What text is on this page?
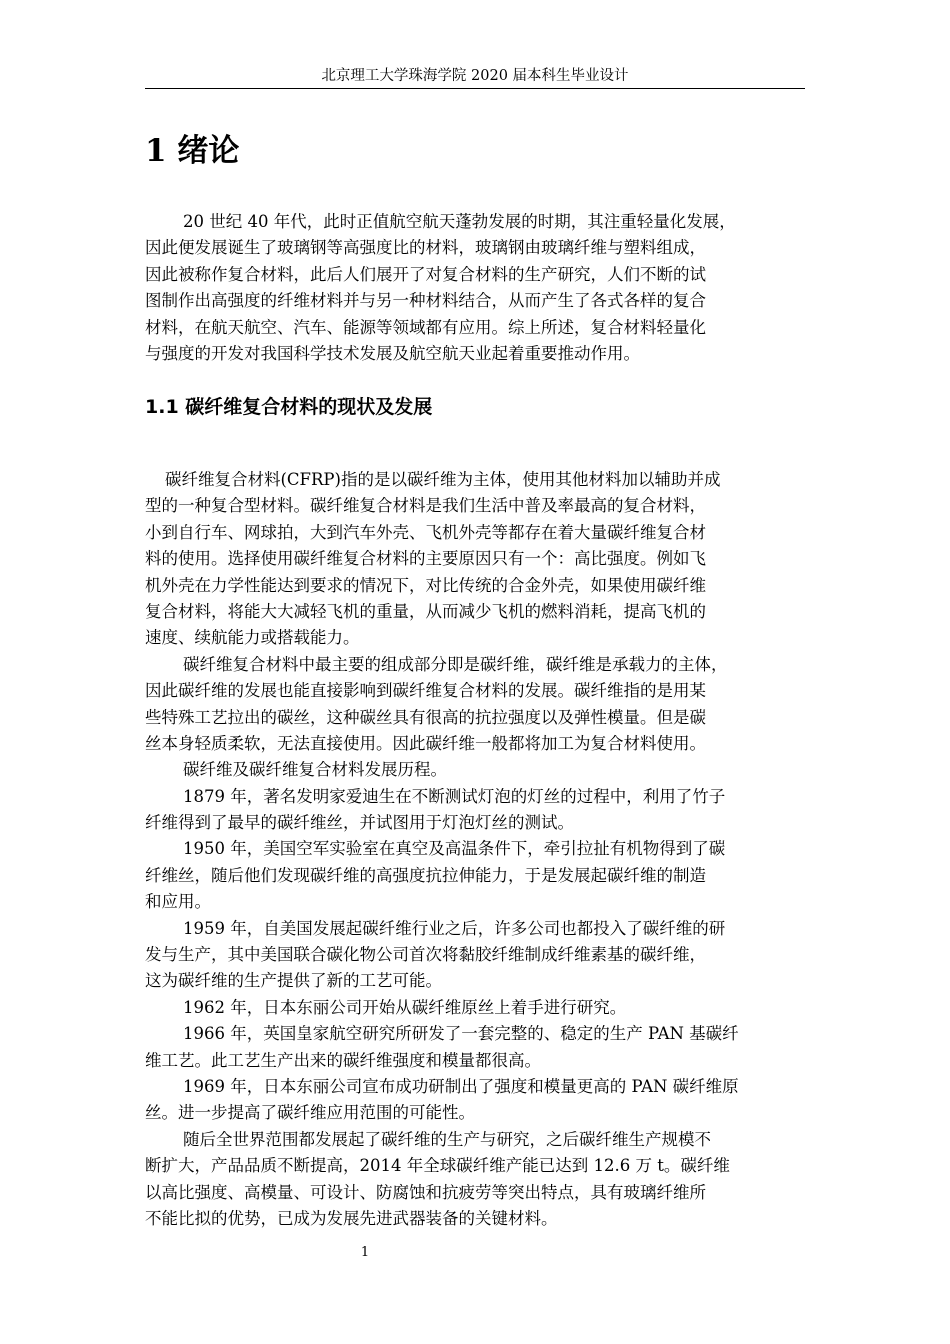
北京理工大学珠海学院 2020 届本科生毕业设计
1 绪论
20 世纪 40 年代，此时正值航空航天蓬勃发展的时期，其注重轻量化发展，
因此便发展诞生了玻璃钢等高强度比的材料，玻璃钢由玻璃纤维与塑料组成，
因此被称作复合材料，此后人们展开了对复合材料的生产研究，人们不断的试
图制作出高强度的纤维材料并与另一种材料结合，从而产生了各式各样的复合
材料，在航天航空、汽车、能源等领域都有应用。综上所述，复合材料轻量化
与强度的开发对我国科学技术发展及航空航天业起着重要推动作用。
1.1 碳纤维复合材料的现状及发展
碳纤维复合材料(CFRP)指的是以碳纤维为主体，使用其他材料加以辅助并成
型的一种复合型材料。碳纤维复合材料是我们生活中普及率最高的复合材料，
小到自行车、网球拍，大到汽车外壳、飞机外壳等都存在着大量碳纤维复合材
料的使用。选择使用碳纤维复合材料的主要原因只有一个：高比强度。例如飞
机外壳在力学性能达到要求的情况下，对比传统的合金外壳，如果使用碳纤维
复合材料，将能大大减轻飞机的重量，从而减少飞机的燃料消耗，提高飞机的
速度、续航能力或搭载能力。
碳纤维复合材料中最主要的组成部分即是碳纤维，碳纤维是承载力的主体，
因此碳纤维的发展也能直接影响到碳纤维复合材料的发展。碳纤维指的是用某
些特殊工艺拉出的碳丝，这种碳丝具有很高的抗拉强度以及弹性模量。但是碳
丝本身轻质柔软，无法直接使用。因此碳纤维一般都将加工为复合材料使用。
碳纤维及碳纤维复合材料发展历程。
1879 年，著名发明家爱迪生在不断测试灯泡的灯丝的过程中，利用了竹子
纤维得到了最早的碳纤维丝，并试图用于灯泡灯丝的测试。
1950 年，美国空军实验室在真空及高温条件下，牵引拉扯有机物得到了碳
纤维丝，随后他们发现碳纤维的高强度抗拉伸能力，于是发展起碳纤维的制造
和应用。
1959 年，自美国发展起碳纤维行业之后，许多公司也都投入了碳纤维的研
发与生产，其中美国联合碳化物公司首次将黏胶纤维制成纤维素基的碳纤维，
这为碳纤维的生产提供了新的工艺可能。
1962 年，日本东丽公司开始从碳纤维原丝上着手进行研究。
1966 年，英国皇家航空研究所研发了一套完整的、稳定的生产 PAN 基碳纤
维工艺。此工艺生产出来的碳纤维强度和模量都很高。
1969 年，日本东丽公司宣布成功研制出了强度和模量更高的 PAN 碳纤维原
丝。进一步提高了碳纤维应用范围的可能性。
随后全世界范围都发展起了碳纤维的生产与研究，之后碳纤维生产规模不
断扩大，产品品质不断提高，2014 年全球碳纤维产能已达到 12.6 万 t。碳纤维
以高比强度、高模量、可设计、防腐蚀和抗疲劳等突出特点，具有玻璃纤维所
不能比拟的优势，已成为发展先进武器装备的关键材料。
1
